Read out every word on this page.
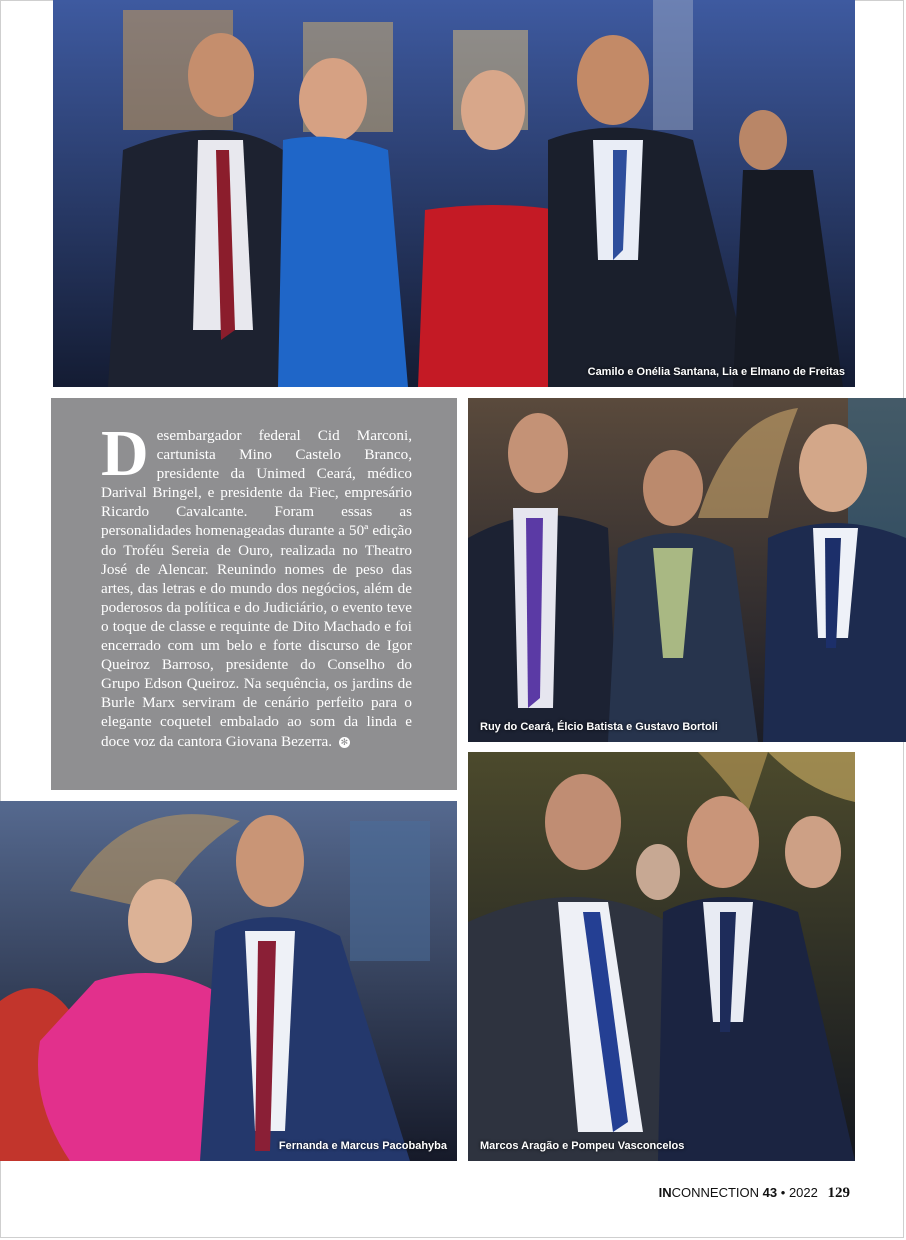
Camilo e Onélia Santana, Lia e Elmano de Freitas
D esembargador federal Cid Marconi, cartunista Mino Castelo Branco, presidente da Unimed Ceará, médico Darival Bringel, e presidente da Fiec, empresário Ricardo Cavalcante. Foram essas as personalidades homenageadas durante a 50ª edição do Troféu Sereia de Ouro, realizada no Theatro José de Alencar. Reunindo nomes de peso das artes, das letras e do mundo dos negócios, além de poderosos da política e do Judiciário, o evento teve o toque de classe e requinte de Dito Machado e foi encerrado com um belo e forte discurso de Igor Queiroz Barroso, presidente do Conselho do Grupo Edson Queiroz. Na sequência, os jardins de Burle Marx serviram de cenário perfeito para o elegante coquetel embalado ao som da linda e doce voz da cantora Giovana Bezerra. ✻
Ruy do Ceará, Élcio Batista e Gustavo Bortoli
Fernanda e Marcus Pacobahyba	Marcos Aragão e Pompeu Vasconcelos
INCONNECTION 43 • 2022 129
